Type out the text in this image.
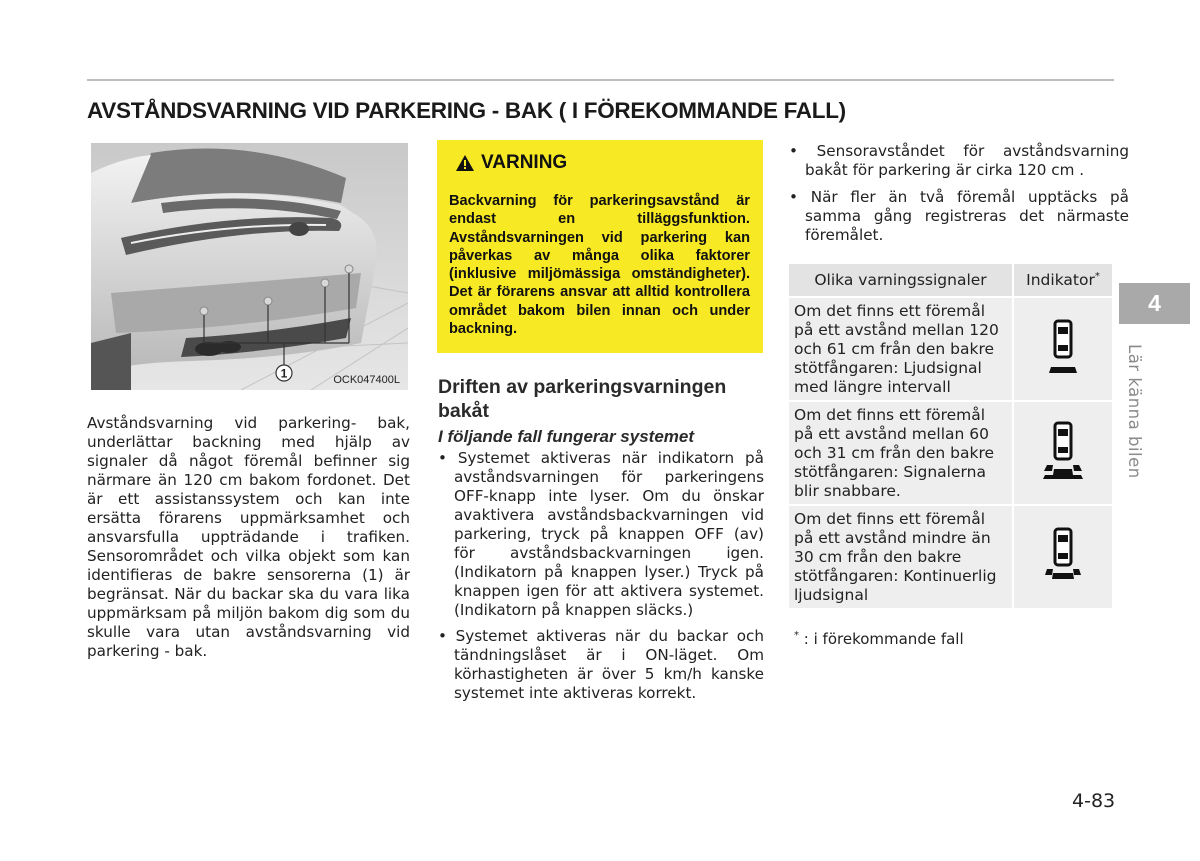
AVSTÅNDSVARNING VID PARKERING - BAK ( I FÖREKOMMANDE FALL)
1	OCK047400L
Avståndsvarning vid parkering- bak, underlättar backning med hjälp av signaler då något föremål befinner sig närmare än 120 cm bakom fordonet. Det är ett assistanssystem och kan inte ersätta förarens uppmärksamhet och ansvarsfulla uppträdande i trafiken. Sensorområdet och vilka objekt som kan identifieras de bakre sensorerna (1) är begränsat. När du backar ska du vara lika uppmärksam på miljön bakom dig som du skulle vara utan avståndsvarning vid parkering - bak.
VARNING
Backvarning för parkeringsavstånd är endast en tilläggsfunktion. Avståndsvarningen vid parkering kan påverkas av många olika faktorer (inklusive miljömässiga omständigheter). Det är förarens ansvar att alltid kontrollera området bakom bilen innan och under backning.
Driften av parkeringsvarningen bakåt
I följande fall fungerar systemet
• Systemet aktiveras när indikatorn på avståndsvarningen för parkeringens OFF-knapp inte lyser. Om du önskar avaktivera avståndsbackvarningen vid parkering, tryck på knappen OFF (av) för avståndsbackvarningen igen. (Indikatorn på knappen lyser.) Tryck på knappen igen för att aktivera systemet. (Indikatorn på knappen släcks.)
• Systemet aktiveras när du backar och tändningslåset är i ON-läget. Om körhastigheten är över 5 km/h kanske systemet inte aktiveras korrekt.
• Sensoravståndet för avståndsvarning bakåt för parkering är cirka 120 cm .
• När fler än två föremål upptäcks på samma gång registreras det närmaste föremålet.
Olika varningssignaler	Indikator*
Om det finns ett föremål på ett avstånd mellan 120 och 61 cm från den bakre stötfångaren: Ljudsignal med längre intervall	
Om det finns ett föremål på ett avstånd mellan 60 och 31 cm från den bakre stötfångaren: Signalerna blir snabbare.	
Om det finns ett föremål på ett avstånd mindre än 30 cm från den bakre stötfångaren: Kontinuerlig ljudsignal	
* : i förekommande fall
4
Lär känna bilen
4-83
